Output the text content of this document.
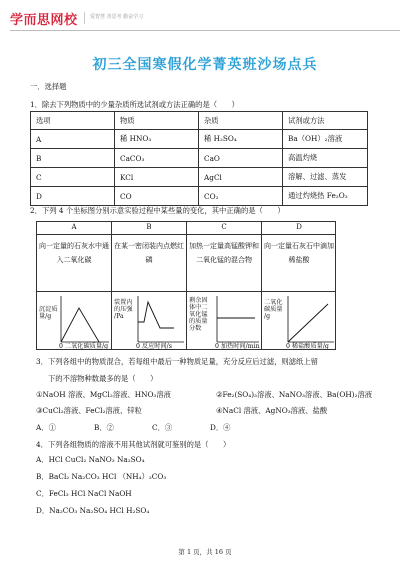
学而思网校 爱智慧 善思考 勤奋学习
初三全国寒假化学菁英班沙场点兵
一．选择题
1．除去下列物质中的少量杂质所选试剂或方法正确的是（　　）
选项	物质	杂质	试剂或方法
A	稀 HNO₃	稀 H₂SO₄	Ba（OH）₂溶液
B	CaCO₃	CaO	高温灼烧
C	KCl	AgCl	溶解、过滤、蒸发
D	CO	CO₂	通过灼烧热 Fe₂O₃
2．下列 4 个坐标图分别示意实验过程中某些量的变化，其中正确的是（　　）
A	B	C	D
向一定量的石灰水中通入二氧化碳
在某一密闭装内点燃红磷
加热一定量高锰酸钾和二氧化锰的混合物
向一定量石灰石中滴加稀盐酸
沉淀质量/g
0 二氧化碳质量/g
装置内的压强/Pa
0 反应时间/s
剩余固体中二氧化锰的质量分数
0 加热时间/min
二氧化碳质量/g
0 稀盐酸质量/g
3．下列各组中的物质混合，若每组中最后一种物质足量，充分反应后过滤，则滤纸上留
下的不溶物种数最多的是（　　）
①NaOH 溶液、MgCl₂溶液、HNO₃溶液	②Fe₂(SO₄)₃溶液、NaNO₃溶液、Ba(OH)₂溶液
③CuCl₂溶液、FeCl₂溶液、锌粒	④NaCl 溶液、AgNO₃溶液、盐酸
A．①	B．②	C．③	D．④
4．下列各组物质的溶液不用其他试剂就可鉴别的是（　　）
A．HCl CuCl₂ NaNO₃ Na₂SO₄
B．BaCl₂ Na₂CO₃ HCl （NH₄）₂CO₃
C．FeCl₃ HCl NaCl NaOH
D．Na₂CO₃ Na₂SO₄ HCl H₂SO₄
第 1 页，共 16 页
